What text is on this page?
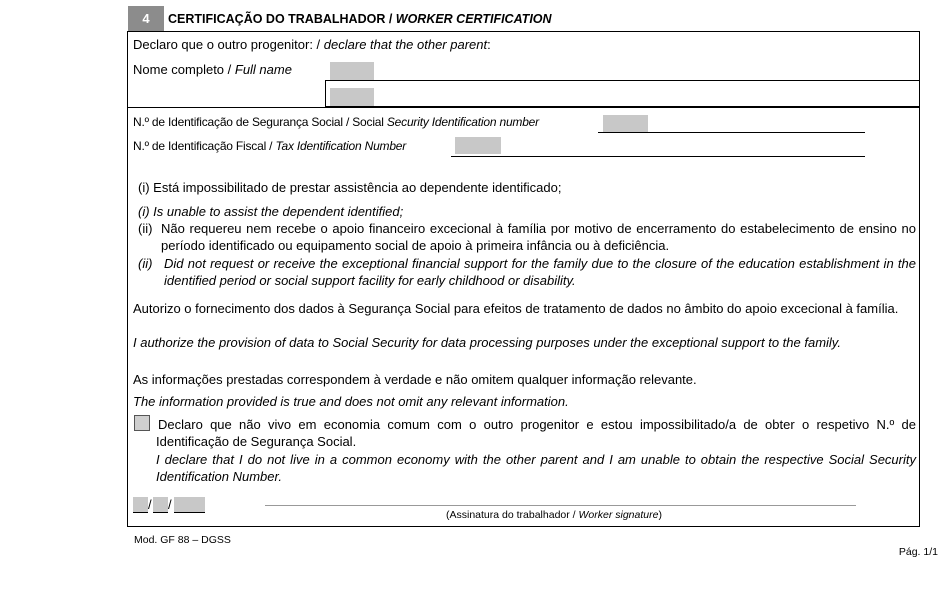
4	CERTIFICAÇÃO DO TRABALHADOR / WORKER CERTIFICATION
Declaro que o outro progenitor: / declare that the other parent:
Nome completo / Full name
N.º de Identificação de Segurança Social / Social Security Identification number
N.º de Identificação Fiscal / Tax Identification Number
(i) Está impossibilitado de prestar assistência ao dependente identificado;
(i) Is unable to assist the dependent identified;
(ii) Não requereu nem recebe o apoio financeiro excecional à família por motivo de encerramento do estabelecimento de ensino no período identificado ou equipamento social de apoio à primeira infância ou à deficiência.
(ii) Did not request or receive the exceptional financial support for the family due to the closure of the education establishment in the identified period or social support facility for early childhood or disability.
Autorizo o fornecimento dos dados à Segurança Social para efeitos de tratamento de dados no âmbito do apoio excecional à família.
I authorize the provision of data to Social Security for data processing purposes under the exceptional support to the family.
As informações prestadas correspondem à verdade e não omitem qualquer informação relevante.
The information provided is true and does not omit any relevant information.
Declaro que não vivo em economia comum com o outro progenitor e estou impossibilitado/a de obter o respetivo N.º de Identificação de Segurança Social.
I declare that I do not live in a common economy with the other parent and I am unable to obtain the respective Social Security Identification Number.
/ /
(Assinatura do trabalhador / Worker signature)
Mod. GF 88 – DGSS
Pág. 1/1
